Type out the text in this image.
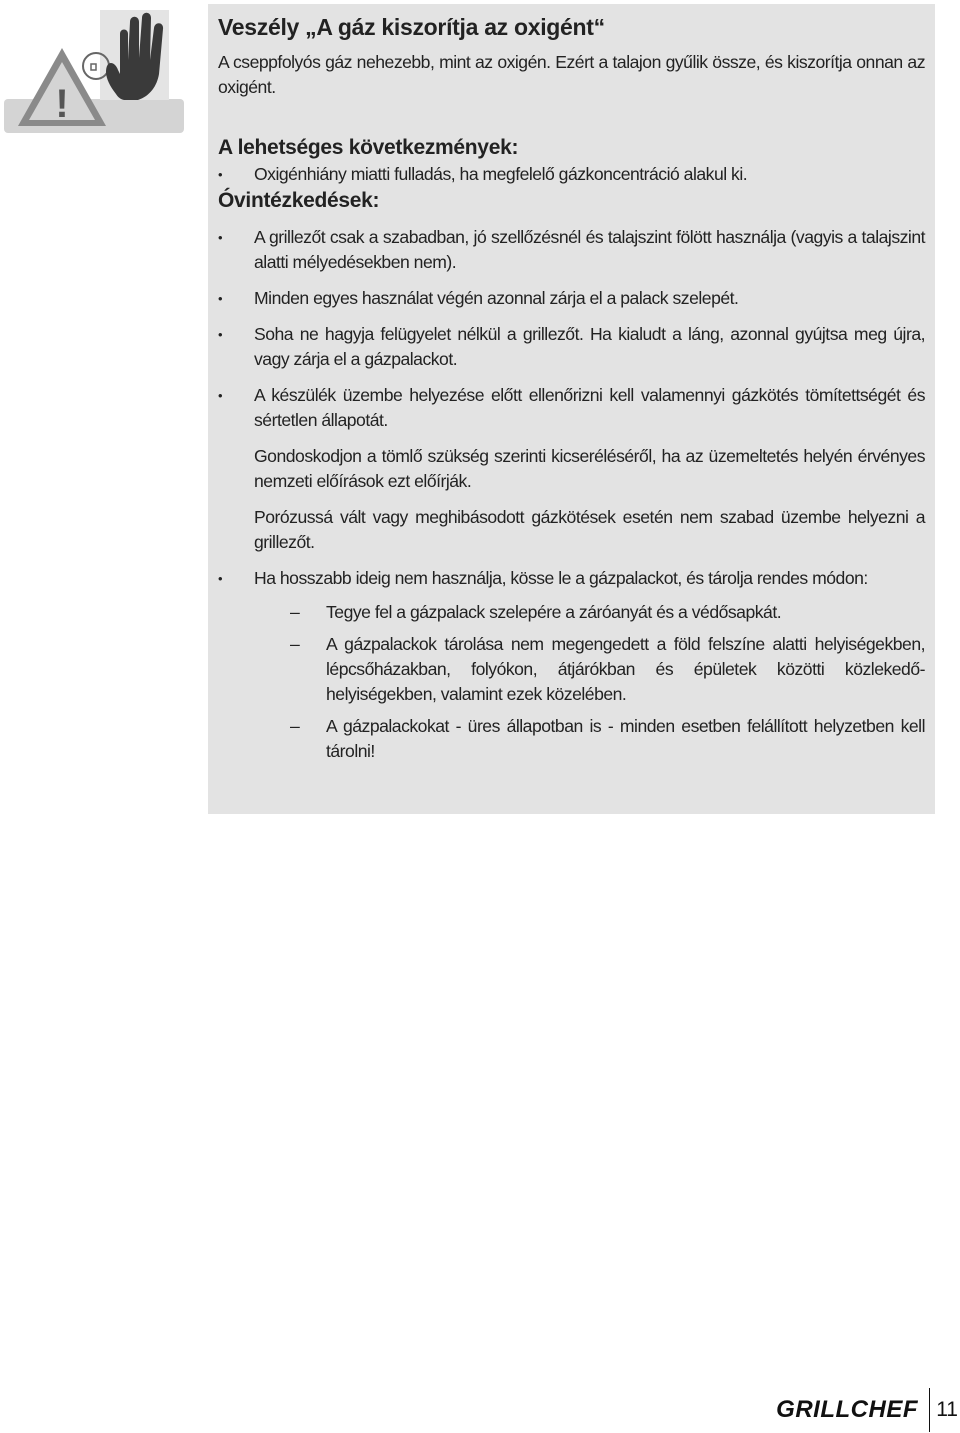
!
Veszély „A gáz kiszorítja az oxigént“

A cseppfolyós gáz nehezebb, mint az oxigén. Ezért a talajon gyűlik össze, és kiszorítja onnan az oxigént.

A lehetséges következmények:
• Oxigénhiány miatti fulladás, ha megfelelő gázkoncentráció alakul ki.
Óvintézkedések:
• A grillezőt csak a szabadban, jó szellőzésnél és talajszint fölött használja (vagyis a talajszint alatti mélyedésekben nem).
• Minden egyes használat végén azonnal zárja el a palack szelepét.
• Soha ne hagyja felügyelet nélkül a grillezőt. Ha kialudt a láng, azonnal gyújtsa meg újra, vagy zárja el a gázpalackot.
• A készülék üzembe helyezése előtt ellenőrizni kell valamennyi gázkötés tömítettségét és sértetlen állapotát.

Gondoskodjon a tömlő szükség szerinti kicseréléséről, ha az üzemeltetés helyén érvényes nemzeti előírások ezt előírják.

Porózussá vált vagy meghibásodott gázkötések esetén nem szabad üzembe helyezni a grillezőt.

• Ha hosszabb ideig nem használja, kösse le a gázpalackot, és tárolja rendes módon:
– Tegye fel a gázpalack szelepére a záróanyát és a védősapkát.
– A gázpalackok tárolása nem megengedett a föld felszíne alatti helyiségekben, lépcsőházakban, folyókon, átjárókban és épületek közötti közlekedő-helyiségekben, valamint ezek közelében.
– A gázpalackokat - üres állapotban is - minden esetben felállított helyzetben kell tárolni!
GRILLCHEF 11
